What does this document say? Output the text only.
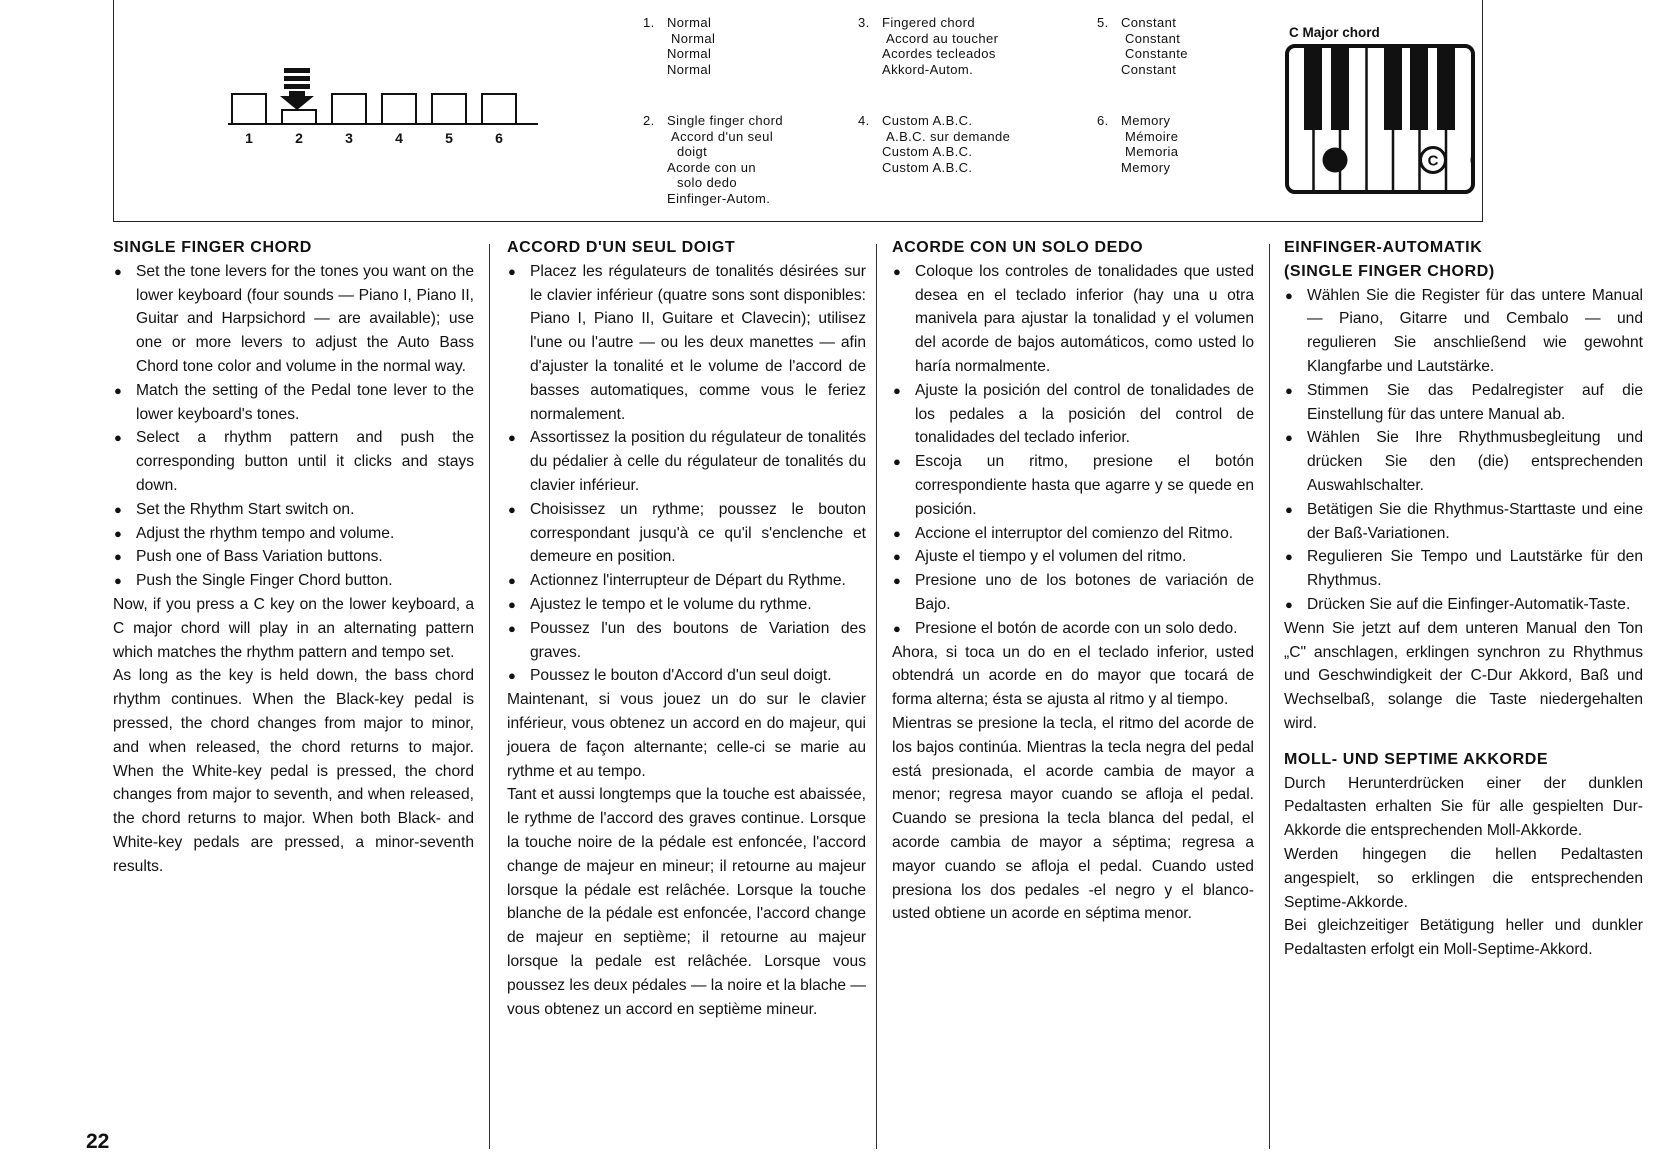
1	2	3	4	5	6
1. Normal
Normal
Normal
Normal
2. Single finger chord
Accord d'un seul
doigt
Acorde con un
solo dedo
Einfinger-Autom.
3. Fingered chord
Accord au toucher
Acordes tecleados
Akkord-Autom.
4. Custom A.B.C.
A.B.C. sur demande
Custom A.B.C.
Custom A.B.C.
5. Constant
Constant
Constante
Constant
6. Memory
Mémoire
Memoria
Memory
C Major chord
C
SINGLE FINGER CHORD
● Set the tone levers for the tones you want on the lower keyboard (four sounds — Piano I, Piano II, Guitar and Harpsichord — are available); use one or more levers to adjust the Auto Bass Chord tone color and volume in the normal way.
● Match the setting of the Pedal tone lever to the lower keyboard's tones.
● Select a rhythm pattern and push the corresponding button until it clicks and stays down.
● Set the Rhythm Start switch on.
● Adjust the rhythm tempo and volume.
● Push one of Bass Variation buttons.
● Push the Single Finger Chord button.

Now, if you press a C key on the lower keyboard, a C major chord will play in an alternating pattern which matches the rhythm pattern and tempo set.

As long as the key is held down, the bass chord rhythm continues. When the Black-key pedal is pressed, the chord changes from major to minor, and when released, the chord returns to major. When the White-key pedal is pressed, the chord changes from major to seventh, and when released, the chord returns to major. When both Black- and White-key pedals are pressed, a minor-seventh results.

ACCORD D'UN SEUL DOIGT
● Placez les régulateurs de tonalités désirées sur le clavier inférieur (quatre sons sont disponibles: Piano I, Piano II, Guitare et Clavecin); utilisez l'une ou l'autre — ou les deux manettes — afin d'ajuster la tonalité et le volume de l'accord de basses automatiques, comme vous le feriez normalement.
● Assortissez la position du régulateur de tonalités du pédalier à celle du régulateur de tonalités du clavier inférieur.
● Choisissez un rythme; poussez le bouton correspondant jusqu'à ce qu'il s'enclenche et demeure en position.
● Actionnez l'interrupteur de Départ du Rythme.
● Ajustez le tempo et le volume du rythme.
● Poussez l'un des boutons de Variation des graves.
● Poussez le bouton d'Accord d'un seul doigt.

Maintenant, si vous jouez un do sur le clavier inférieur, vous obtenez un accord en do majeur, qui jouera de façon alternante; celle-ci se marie au rythme et au tempo.

Tant et aussi longtemps que la touche est abaissée, le rythme de l'accord des graves continue. Lorsque la touche noire de la pédale est enfoncée, l'accord change de majeur en mineur; il retourne au majeur lorsque la pédale est relâchée. Lorsque la touche blanche de la pédale est enfoncée, l'accord change de majeur en septième; il retourne au majeur lorsque la pedale est relâchée. Lorsque vous poussez les deux pédales — la noire et la blache — vous obtenez un accord en septième mineur.

ACORDE CON UN SOLO DEDO
● Coloque los controles de tonalidades que usted desea en el teclado inferior (hay una u otra manivela para ajustar la tonalidad y el volumen del acorde de bajos automáticos, como usted lo haría normalmente.
● Ajuste la posición del control de tonalidades de los pedales a la posición del control de tonalidades del teclado inferior.
● Escoja un ritmo, presione el botón correspondiente hasta que agarre y se quede en posición.
● Accione el interruptor del comienzo del Ritmo.
● Ajuste el tiempo y el volumen del ritmo.
● Presione uno de los botones de variación de Bajo.
● Presione el botón de acorde con un solo dedo.

Ahora, si toca un do en el teclado inferior, usted obtendrá un acorde en do mayor que tocará de forma alterna; ésta se ajusta al ritmo y al tiempo.

Mientras se presione la tecla, el ritmo del acorde de los bajos continúa. Mientras la tecla negra del pedal está presionada, el acorde cambia de mayor a menor; regresa mayor cuando se afloja el pedal. Cuando se presiona la tecla blanca del pedal, el acorde cambia de mayor a séptima; regresa a mayor cuando se afloja el pedal. Cuando usted presiona los dos pedales -el negro y el blanco- usted obtiene un acorde en séptima menor.

EINFINGER-AUTOMATIK
(SINGLE FINGER CHORD)
● Wählen Sie die Register für das untere Manual — Piano, Gitarre und Cembalo — und regulieren Sie anschließend wie gewohnt Klangfarbe und Lautstärke.
● Stimmen Sie das Pedalregister auf die Einstellung für das untere Manual ab.
● Wählen Sie Ihre Rhythmusbegleitung und drücken Sie den (die) entsprechenden Auswahlschalter.
● Betätigen Sie die Rhythmus-Starttaste und eine der Baß-Variationen.
● Regulieren Sie Tempo und Lautstärke für den Rhythmus.
● Drücken Sie auf die Einfinger-Automatik-Taste.

Wenn Sie jetzt auf dem unteren Manual den Ton „C" anschlagen, erklingen synchron zu Rhythmus und Geschwindigkeit der C-Dur Akkord, Baß und Wechselbaß, solange die Taste niedergehalten wird.

MOLL- UND SEPTIME AKKORDE

Durch Herunterdrücken einer der dunklen Pedaltasten erhalten Sie für alle gespielten Dur-Akkorde die entsprechenden Moll-Akkorde.

Werden hingegen die hellen Pedaltasten angespielt, so erklingen die entsprechenden Septime-Akkorde.

Bei gleichzeitiger Betätigung heller und dunkler Pedaltasten erfolgt ein Moll-Septime-Akkord.

22
